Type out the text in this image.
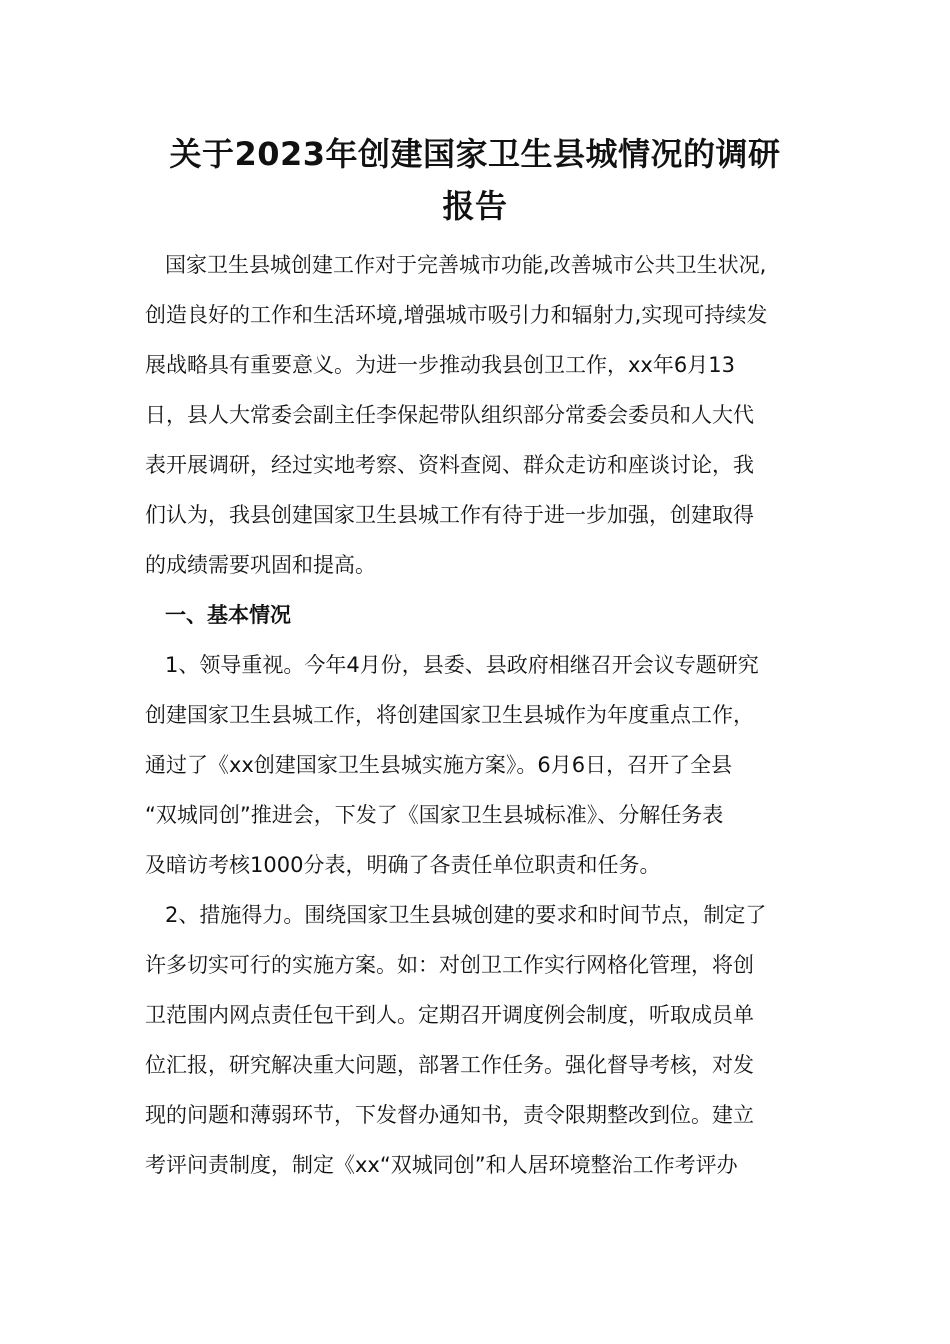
关于2023年创建国家卫生县城情况的调研
报告
国家卫生县城创建工作对于完善城市功能,改善城市公共卫生状况,
创造良好的工作和生活环境,增强城市吸引力和辐射力,实现可持续发
展战略具有重要意义。为进一步推动我县创卫工作，xx年6月13
日，县人大常委会副主任李保起带队组织部分常委会委员和人大代
表开展调研，经过实地考察、资料查阅、群众走访和座谈讨论，我
们认为，我县创建国家卫生县城工作有待于进一步加强，创建取得
的成绩需要巩固和提高。
一、基本情况
1、领导重视。今年4月份，县委、县政府相继召开会议专题研究
创建国家卫生县城工作，将创建国家卫生县城作为年度重点工作，
通过了《xx创建国家卫生县城实施方案》。6月6日，召开了全县
“双城同创”推进会，下发了《国家卫生县城标准》、分解任务表
及暗访考核1000分表，明确了各责任单位职责和任务。
2、措施得力。围绕国家卫生县城创建的要求和时间节点，制定了
许多切实可行的实施方案。如：对创卫工作实行网格化管理，将创
卫范围内网点责任包干到人。定期召开调度例会制度，听取成员单
位汇报，研究解决重大问题，部署工作任务。强化督导考核，对发
现的问题和薄弱环节，下发督办通知书，责令限期整改到位。建立
考评问责制度，制定《xx“双城同创”和人居环境整治工作考评办
